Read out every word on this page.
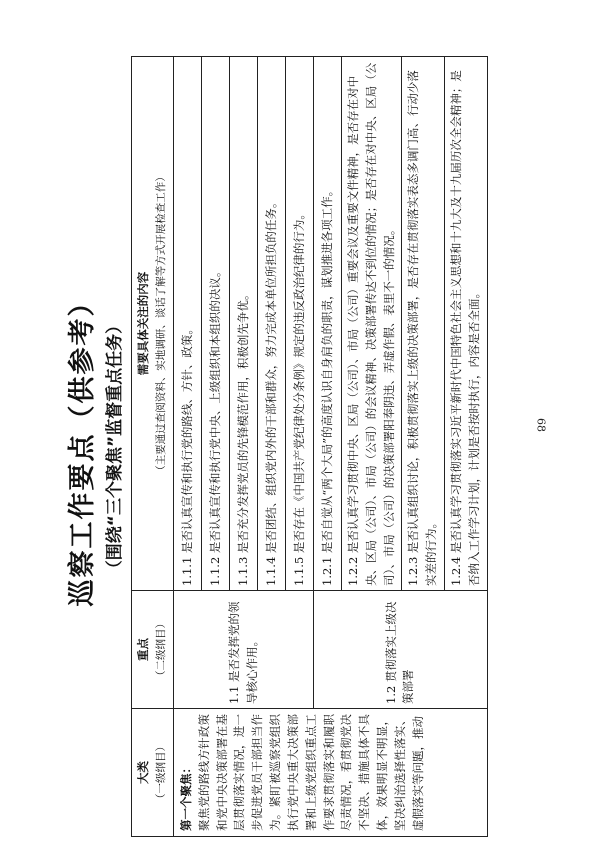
68
巡察工作要点（供参考） （围绕“三个聚焦”监督重点任务）
大类 （一级纲目）	重点 （二级纲目）	需要具体关注的内容 （主要通过查阅资料、实地调研、谈话了解等方式开展检查工作）

第一个聚焦： 聚焦党的路线方针政策和党中央决策部署在基层贯彻落实情况，进一步促进党员干部担当作为。紧盯被巡察党组织执行党中央重大决策部署和上级党组织重点工作要求贯彻落实和履职尽责情况，看贯彻党决不坚决、措施具体不具体，效果明显不明显，坚决纠治选择性落实、虚假落实等问题，推动	1.1 是否发挥党的领导核心作用。	1.1.1 是否认真宣传和执行党的路线、方针、政策。
		1.1.2 是否认真宣传和执行党中央、上级组织和本组织的决议。
		1.1.3 是否充分发挥党员的先锋模范作用，积极创先争优。
		1.1.4 是否团结、组织党内外的干部和群众，努力完成本单位所担负的任务。
		1.1.5 是否存在《中国共产党纪律处分条例》规定的违反政治纪律的行为。
	1.2 贯彻落实上级决策部署	1.2.1 是否自觉从“两个大局”的高度认识自身肩负的职责，谋划推进各项工作。
		1.2.2 是否认真学习贯彻中央、区局（公司）、市局（公司）重要会议及重要文件精神，是否存在对中央、区局（公司）、市局（公司）的会议精神、决策部署传达不到位的情况；是否存在对中央、区局（公司）、市局（公司）的决策部署阳奉阴违、弄虚作假、表里不一的情况。
		1.2.3 是否认真组织讨论，积极贯彻落实上级的决策部署，是否存在贯彻落实表态多调门高、行动少落实差的行为。
		1.2.4 是否认真学习贯彻落实习近平新时代中国特色社会主义思想和十九大及十九届历次全会精神；是否纳入工作学习计划，计划是否按时执行，内容是否全面。
